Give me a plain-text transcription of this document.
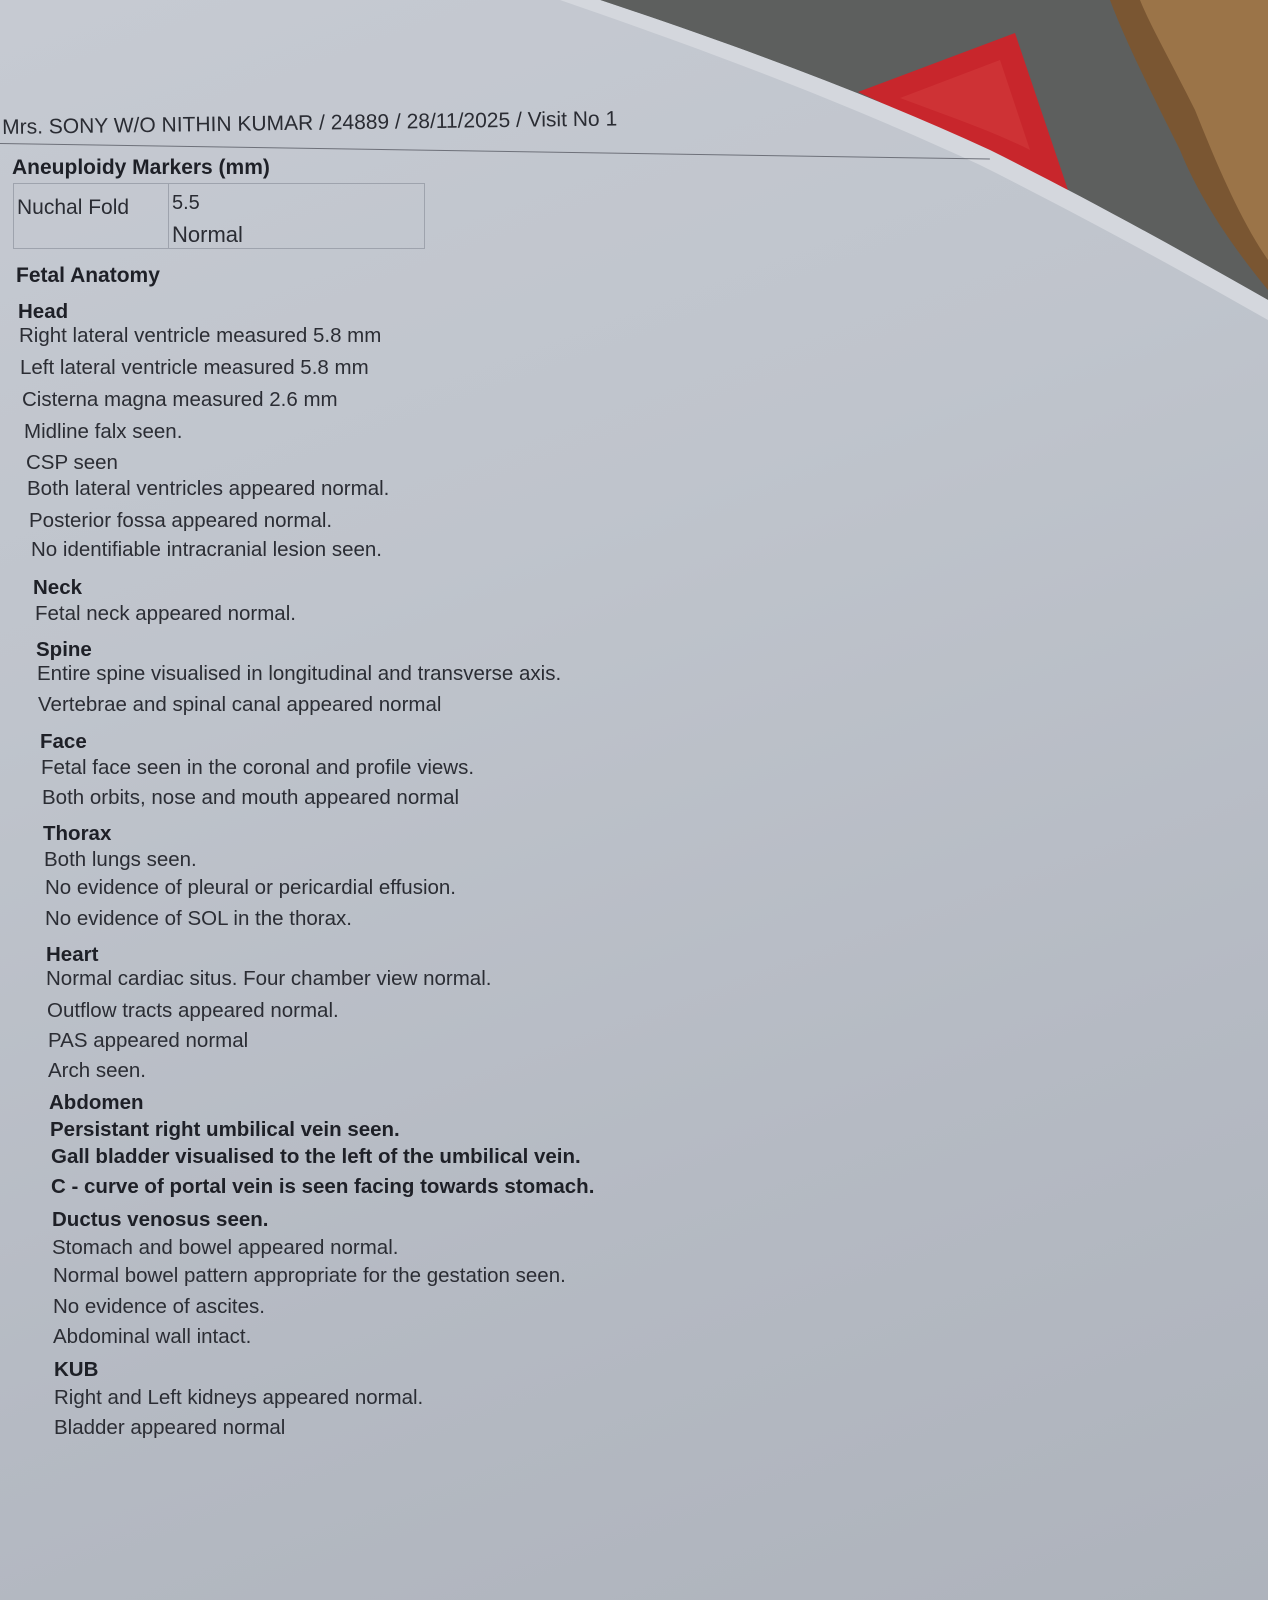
Mrs. SONY W/O NITHIN KUMAR / 24889 / 28/11/2025 / Visit No 1
Aneuploidy Markers (mm)
Nuchal Fold 5.5
Normal
Fetal Anatomy
Head
Right lateral ventricle measured 5.8 mm
Left lateral ventricle measured 5.8 mm
Cisterna magna measured 2.6 mm
Midline falx seen.
CSP seen
Both lateral ventricles appeared normal.
Posterior fossa appeared normal.
No identifiable intracranial lesion seen.
Neck
Fetal neck appeared normal.
Spine
Entire spine visualised in longitudinal and transverse axis.
Vertebrae and spinal canal appeared normal
Face
Fetal face seen in the coronal and profile views.
Both orbits, nose and mouth appeared normal
Thorax
Both lungs seen.
No evidence of pleural or pericardial effusion.
No evidence of SOL in the thorax.
Heart
Normal cardiac situs. Four chamber view normal.
Outflow tracts appeared normal.
PAS appeared normal
Arch seen.
Abdomen
Persistant right umbilical vein seen.
Gall bladder visualised to the left of the umbilical vein.
C - curve of portal vein is seen facing towards stomach.
Ductus venosus seen.
Stomach and bowel appeared normal.
Normal bowel pattern appropriate for the gestation seen.
No evidence of ascites.
Abdominal wall intact.
KUB
Right and Left kidneys appeared normal.
Bladder appeared normal
